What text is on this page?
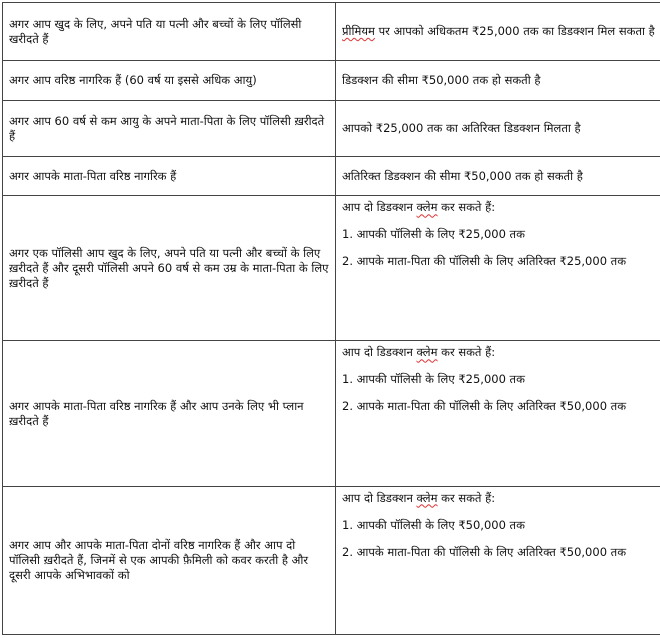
अगर आप खुद के लिए, अपने पति या पत्नी और बच्चों के लिए पॉलिसी खरीदते हैं	प्रीमियम पर आपको अधिकतम ₹25,000 तक का डिडक्शन मिल सकता है
अगर आप वरिष्ठ नागरिक हैं (60 वर्ष या इससे अधिक आयु)	डिडक्शन की सीमा ₹50,000 तक हो सकती है
अगर आप 60 वर्ष से कम आयु के अपने माता-पिता के लिए पॉलिसी ख़रीदते हैं	आपको ₹25,000 तक का अतिरिक्त डिडक्शन मिलता है
अगर आपके माता-पिता वरिष्ठ नागरिक हैं	अतिरिक्त डिडक्शन की सीमा ₹50,000 तक हो सकती है
अगर एक पॉलिसी आप खुद के लिए, अपने पति या पत्नी और बच्चों के लिए ख़रीदते हैं और दूसरी पॉलिसी अपने 60 वर्ष से कम उम्र के माता-पिता के लिए ख़रीदते हैं	आप दो डिडक्शन क्लेम कर सकते हैं:

1. आपकी पॉलिसी के लिए ₹25,000 तक

2. आपके माता-पिता की पॉलिसी के लिए अतिरिक्त ₹25,000 तक

अगर आपके माता-पिता वरिष्ठ नागरिक हैं और आप उनके लिए भी प्लान ख़रीदते हैं	आप दो डिडक्शन क्लेम कर सकते हैं:

1. आपकी पॉलिसी के लिए ₹25,000 तक

2. आपके माता-पिता की पॉलिसी के लिए अतिरिक्त ₹50,000 तक

अगर आप और आपके माता-पिता दोनों वरिष्ठ नागरिक हैं और आप दो पॉलिसी ख़रीदते हैं, जिनमें से एक आपकी फ़ैमिली को कवर करती है और दूसरी आपके अभिभावकों को	आप दो डिडक्शन क्लेम कर सकते हैं:

1. आपकी पॉलिसी के लिए ₹50,000 तक

2. आपके माता-पिता की पॉलिसी के लिए अतिरिक्त ₹50,000 तक
